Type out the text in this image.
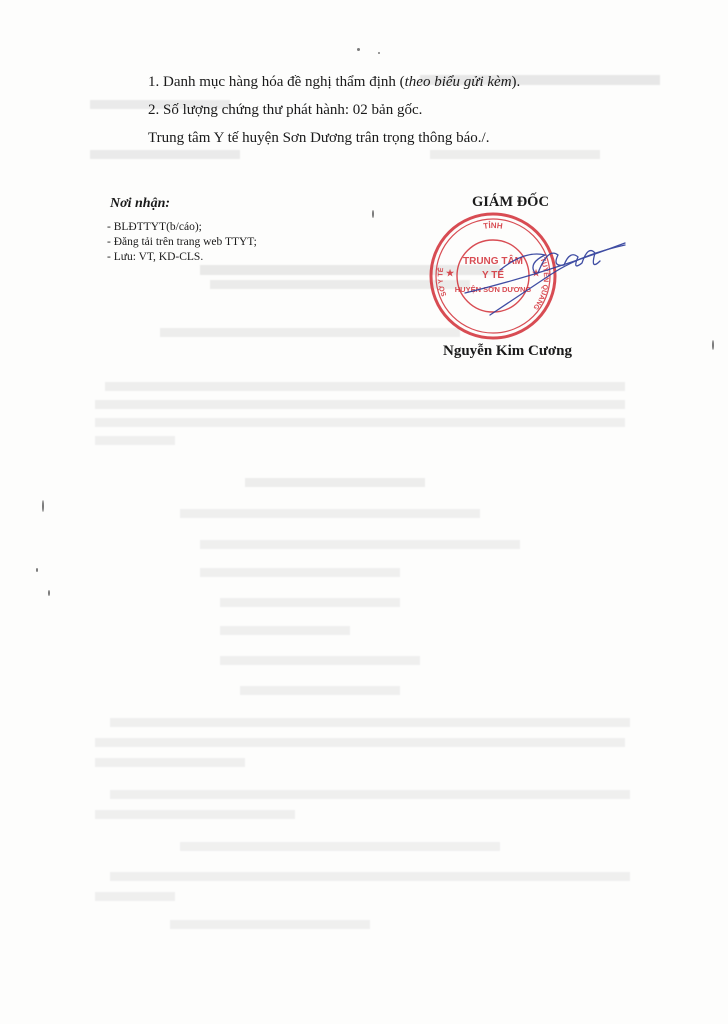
1. Danh mục hàng hóa đề nghị thẩm định (theo biểu gửi kèm).
2. Số lượng chứng thư phát hành: 02 bản gốc.
Trung tâm Y tế huyện Sơn Dương trân trọng thông báo./.
Nơi nhận:
- BLĐTTYT(b/cáo);
- Đăng tải trên trang web TTYT;
- Lưu: VT, KD-CLS.
GIÁM ĐỐC
TỈNH
SỞ Y TẾ
TUYÊN QUANG
TRUNG TÂM
Y TẾ
HUYỆN SƠN DƯƠNG
★	★
Nguyễn Kim Cương
